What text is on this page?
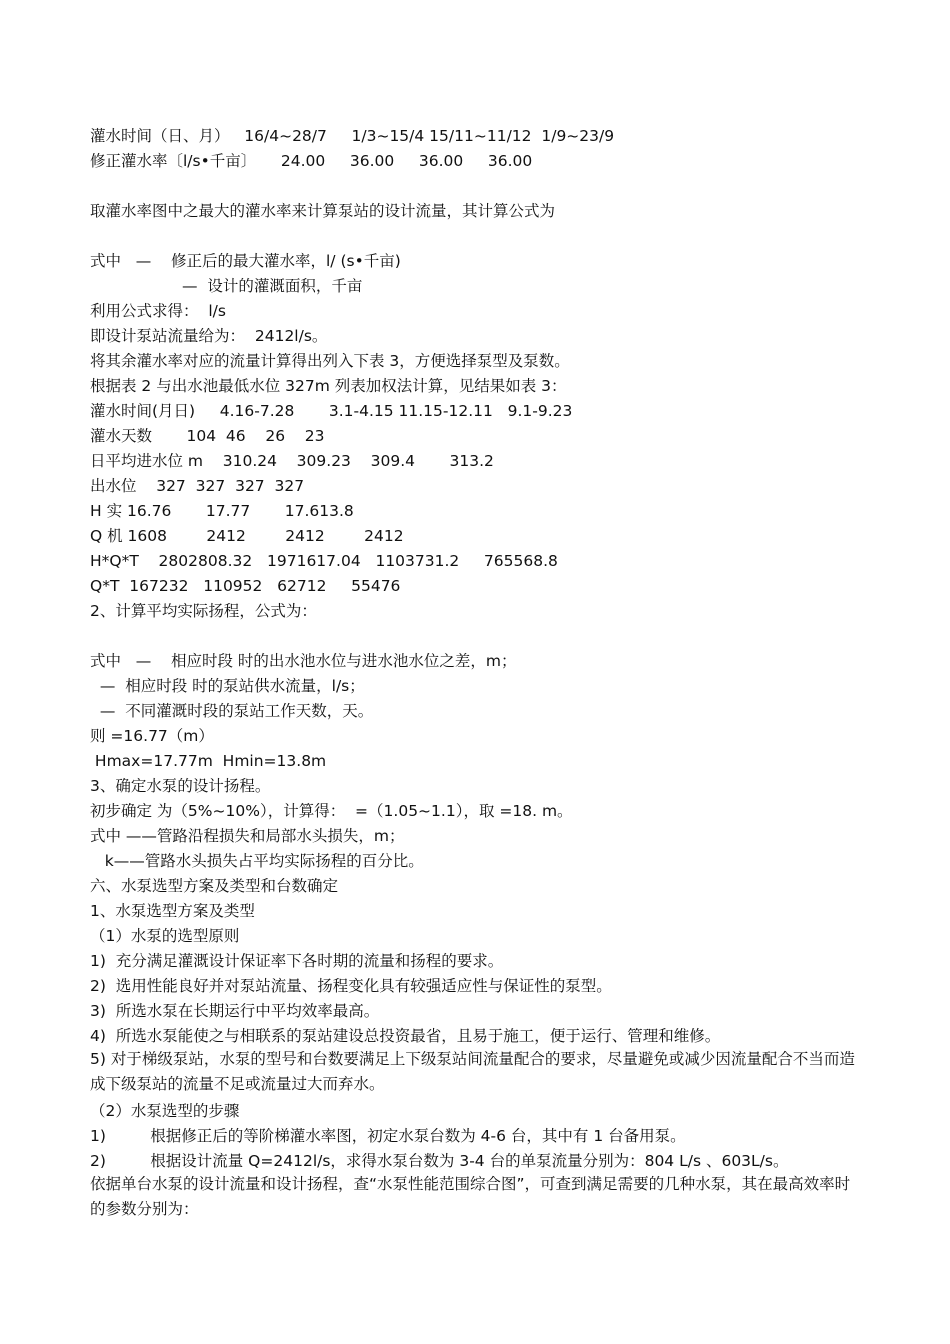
灌水时间（日、月）   16/4~28/7     1/3~15/4 15/11~11/12  1/9~23/9
修正灌水率〔l/s•千亩〕     24.00     36.00     36.00     36.00
取灌水率图中之最大的灌水率来计算泵站的设计流量，其计算公式为
式中   —    修正后的最大灌水率，l/ (s•千亩)
—  设计的灌溉面积，千亩
利用公式求得：  l/s
即设计泵站流量给为：  2412l/s。
将其余灌水率对应的流量计算得出列入下表 3，方便选择泵型及泵数。
根据表 2 与出水池最低水位 327m 列表加权法计算，见结果如表 3：
灌水时间(月日)     4.16-7.28       3.1-4.15 11.15-12.11   9.1-9.23
灌水天数       104  46    26    23
日平均进水位 m    310.24    309.23    309.4       313.2
出水位    327  327  327  327
H 实 16.76       17.77       17.613.8
Q 机 1608        2412        2412        2412
H*Q*T    2802808.32   1971617.04   1103731.2     765568.8
Q*T  167232   110952   62712     55476
2、计算平均实际扬程，公式为：
式中   —    相应时段 时的出水池水位与进水池水位之差，m；
—  相应时段 时的泵站供水流量，l/s；
—  不同灌溉时段的泵站工作天数，天。
则 =16.77（m）
Hmax=17.77m  Hmin=13.8m
3、确定水泵的设计扬程。
初步确定 为（5%~10%），计算得：  =（1.05~1.1），取 =18. m。
式中 ——管路沿程损失和局部水头损失，m；
k——管路水头损失占平均实际扬程的百分比。
六、水泵选型方案及类型和台数确定
1、水泵选型方案及类型
（1）水泵的选型原则
1)  充分满足灌溉设计保证率下各时期的流量和扬程的要求。
2)  选用性能良好并对泵站流量、扬程变化具有较强适应性与保证性的泵型。
3)  所选水泵在长期运行中平均效率最高。
4)  所选水泵能使之与相联系的泵站建设总投资最省，且易于施工，便于运行、管理和维修。
5) 对于梯级泵站，水泵的型号和台数要满足上下级泵站间流量配合的要求，尽量避免或减少因流量配合不当而造成下级泵站的流量不足或流量过大而弃水。
（2）水泵选型的步骤
1)         根据修正后的等阶梯灌水率图，初定水泵台数为 4-6 台，其中有 1 台备用泵。
2)         根据设计流量 Q=2412l/s，求得水泵台数为 3-4 台的单泵流量分别为：804 L/s 、603L/s。
依据单台水泵的设计流量和设计扬程，查“水泵性能范围综合图”，可查到满足需要的几种水泵，其在最高效率时的参数分别为：
